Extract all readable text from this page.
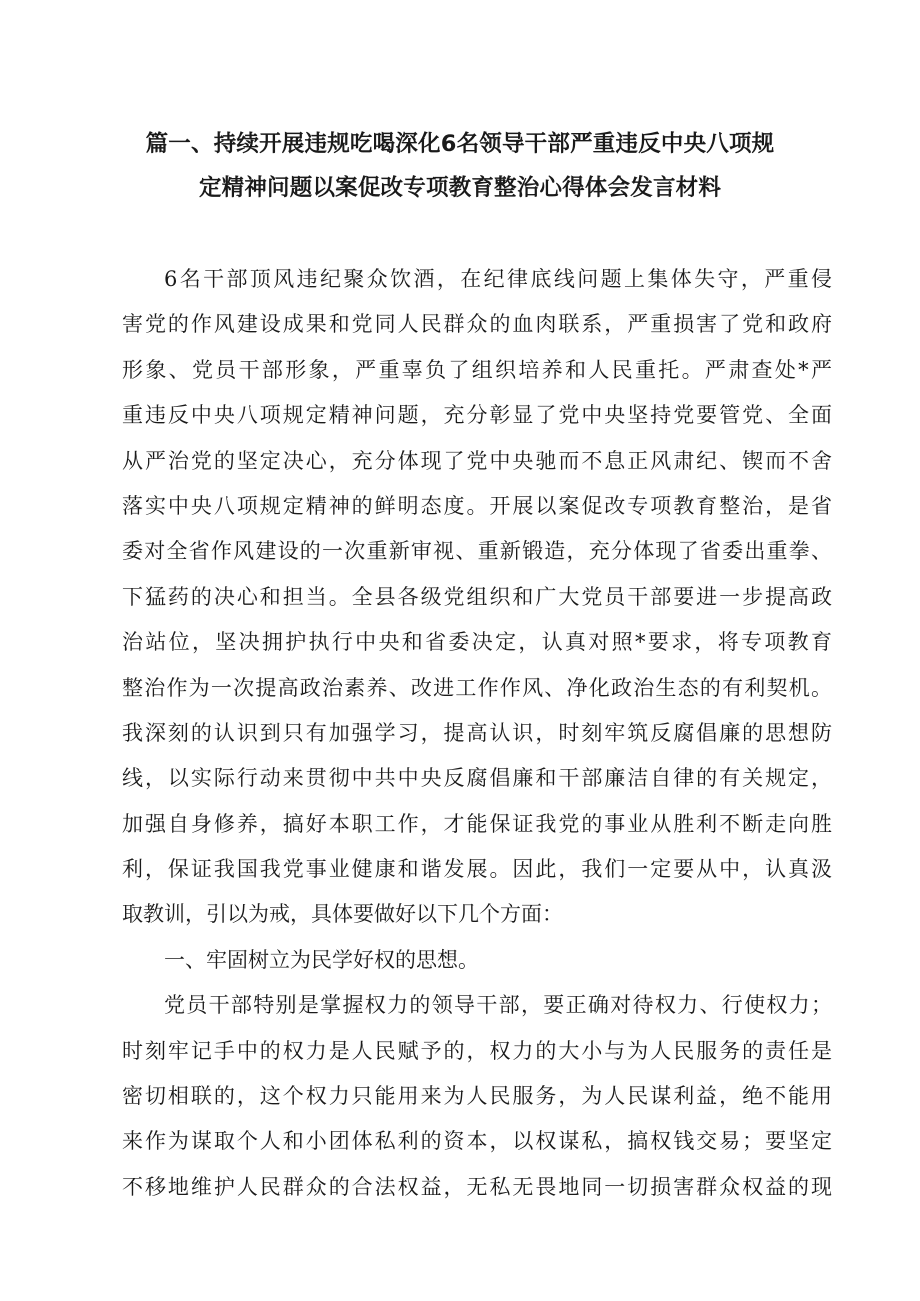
篇一、持续开展违规吃喝深化6名领导干部严重违反中央八项规
定精神问题以案促改专项教育整治心得体会发言材料
6名干部顶风违纪聚众饮酒，在纪律底线问题上集体失守，严重侵
害党的作风建设成果和党同人民群众的血肉联系，严重损害了党和政府
形象、党员干部形象，严重辜负了组织培养和人民重托。严肃查处*严
重违反中央八项规定精神问题，充分彰显了党中央坚持党要管党、全面
从严治党的坚定决心，充分体现了党中央驰而不息正风肃纪、锲而不舍
落实中央八项规定精神的鲜明态度。开展以案促改专项教育整治，是省
委对全省作风建设的一次重新审视、重新锻造，充分体现了省委出重拳、
下猛药的决心和担当。全县各级党组织和广大党员干部要进一步提高政
治站位，坚决拥护执行中央和省委决定，认真对照*要求，将专项教育
整治作为一次提高政治素养、改进工作作风、净化政治生态的有利契机。
我深刻的认识到只有加强学习，提高认识，时刻牢筑反腐倡廉的思想防
线，以实际行动来贯彻中共中央反腐倡廉和干部廉洁自律的有关规定，
加强自身修养，搞好本职工作，才能保证我党的事业从胜利不断走向胜
利，保证我国我党事业健康和谐发展。因此，我们一定要从中，认真汲
取教训，引以为戒，具体要做好以下几个方面：
一、牢固树立为民学好权的思想。
党员干部特别是掌握权力的领导干部，要正确对待权力、行使权力；
时刻牢记手中的权力是人民赋予的，权力的大小与为人民服务的责任是
密切相联的，这个权力只能用来为人民服务，为人民谋利益，绝不能用
来作为谋取个人和小团体私利的资本，以权谋私，搞权钱交易；要坚定
不移地维护人民群众的合法权益，无私无畏地同一切损害群众权益的现
